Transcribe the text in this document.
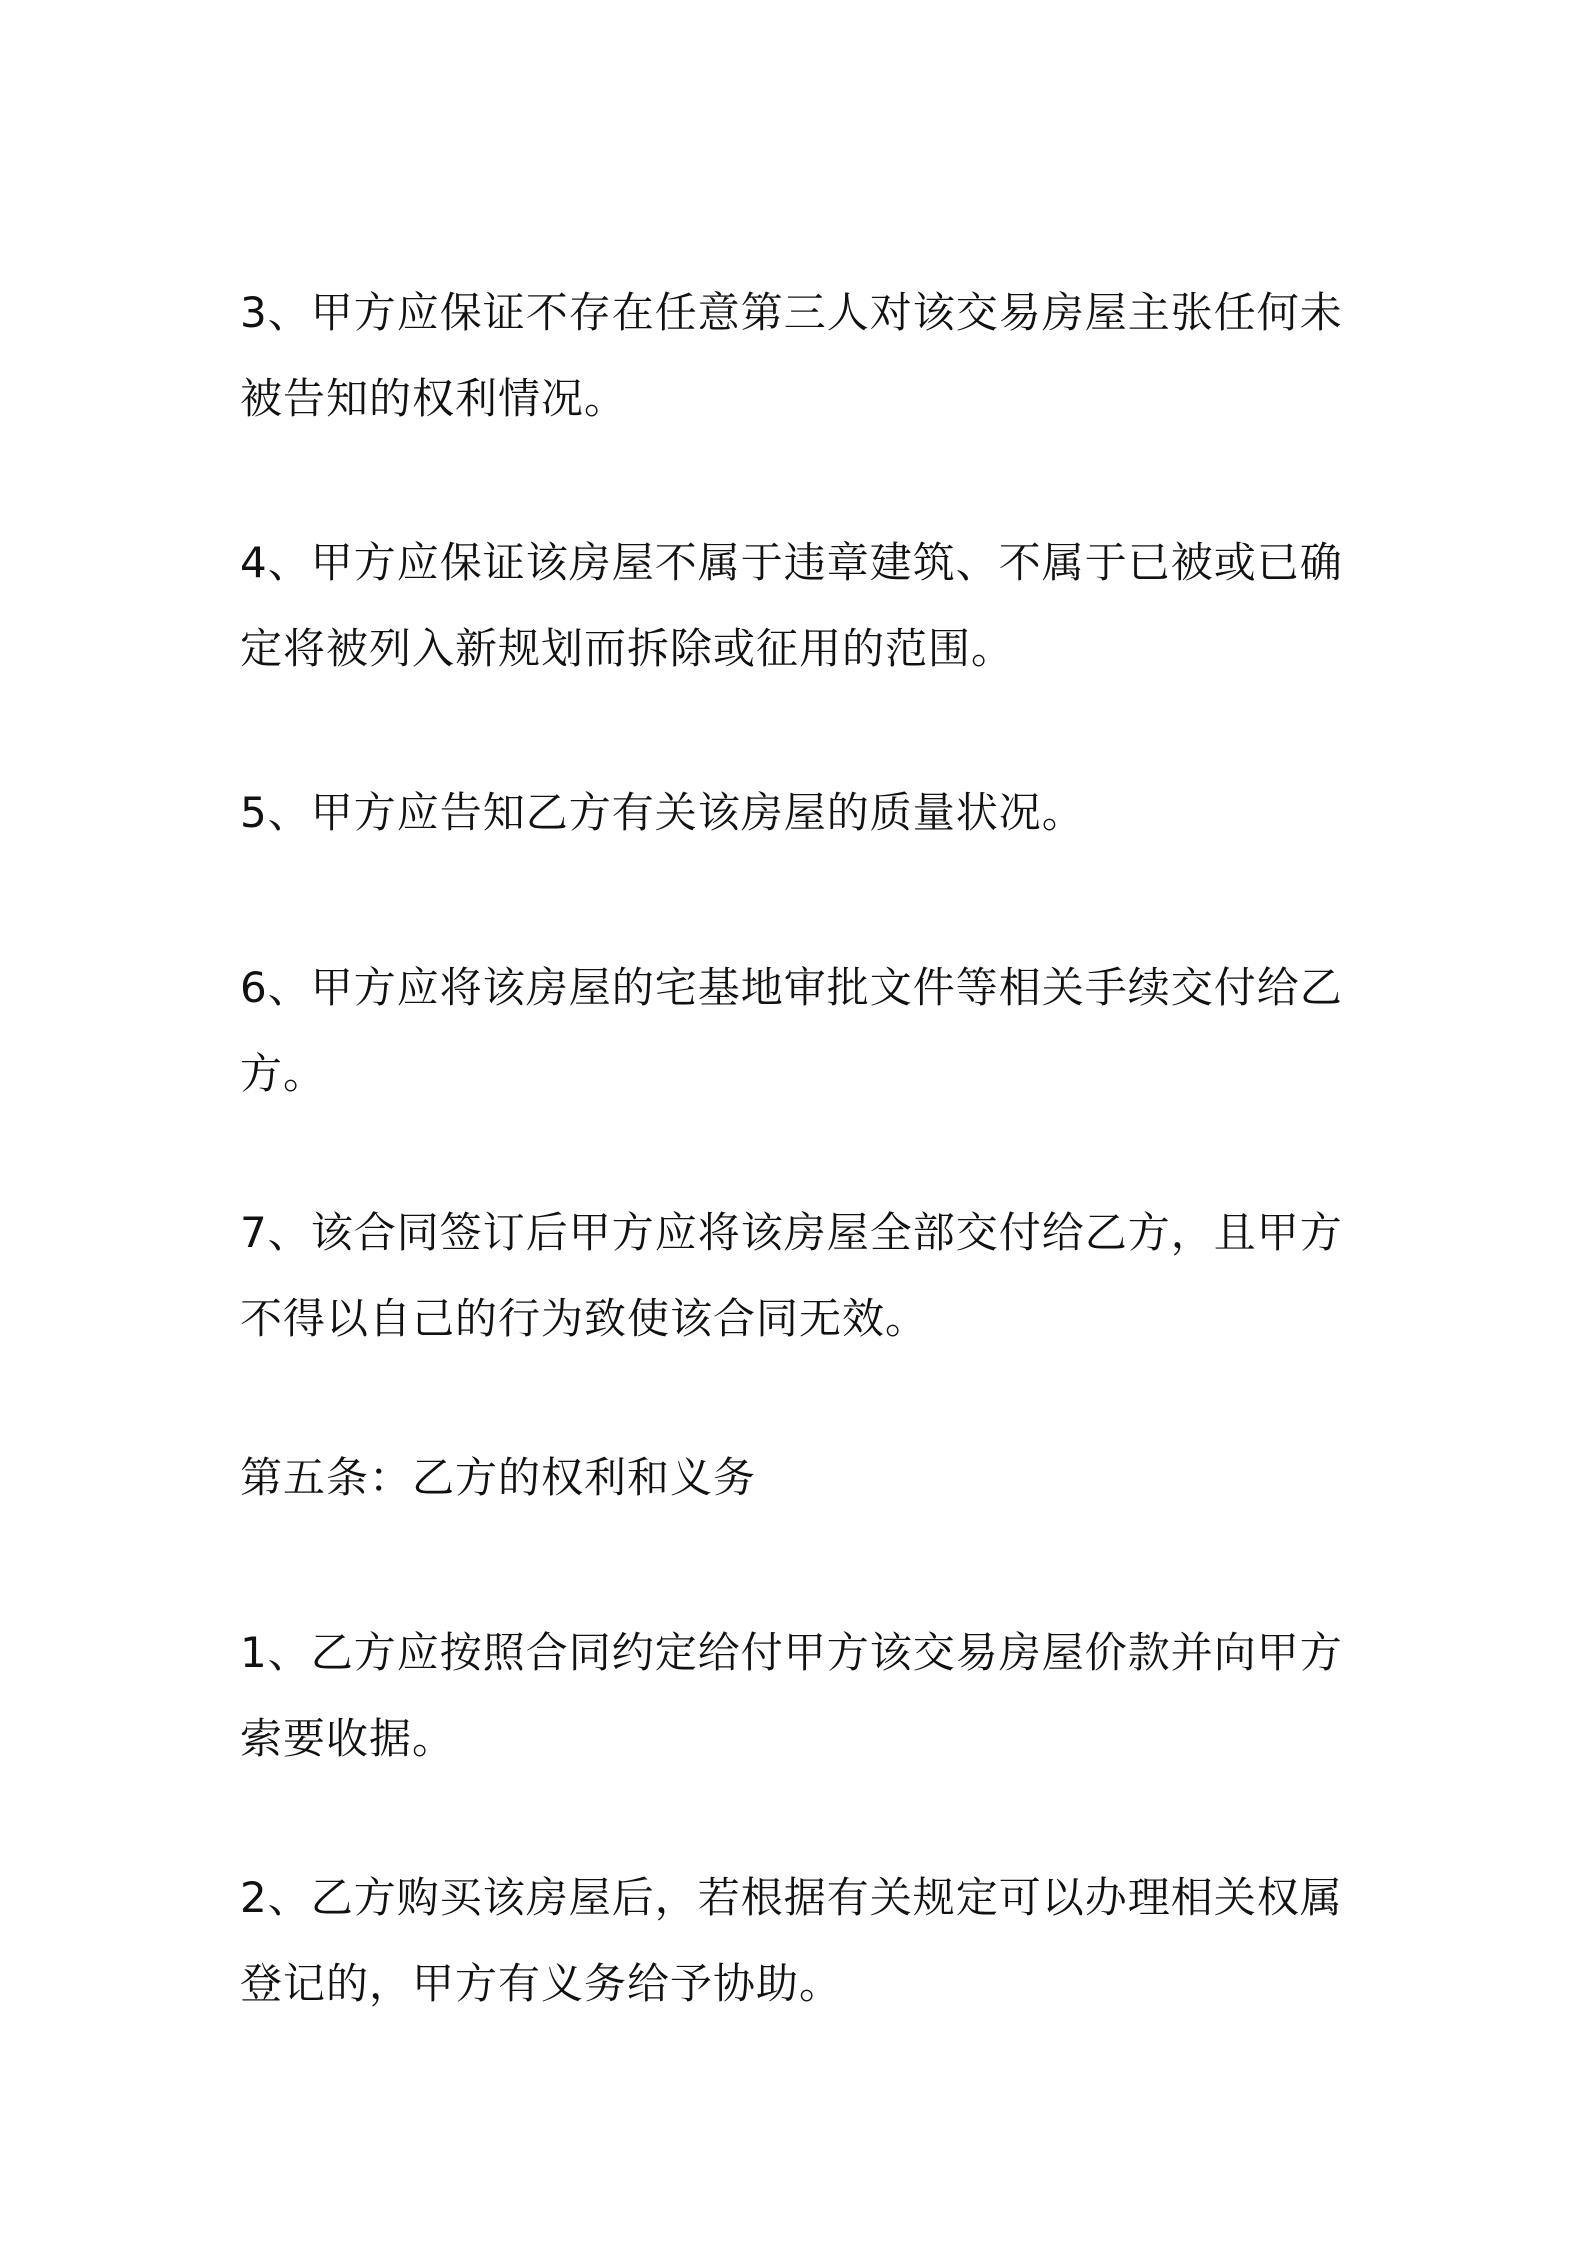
3、甲方应保证不存在任意第三人对该交易房屋主张任何未
被告知的权利情况。

4、甲方应保证该房屋不属于违章建筑、不属于已被或已确
定将被列入新规划而拆除或征用的范围。

5、甲方应告知乙方有关该房屋的质量状况。

6、甲方应将该房屋的宅基地审批文件等相关手续交付给乙
方。

7、该合同签订后甲方应将该房屋全部交付给乙方，且甲方
不得以自己的行为致使该合同无效。

第五条：乙方的权利和义务

1、乙方应按照合同约定给付甲方该交易房屋价款并向甲方
索要收据。

2、乙方购买该房屋后，若根据有关规定可以办理相关权属
登记的，甲方有义务给予协助。
